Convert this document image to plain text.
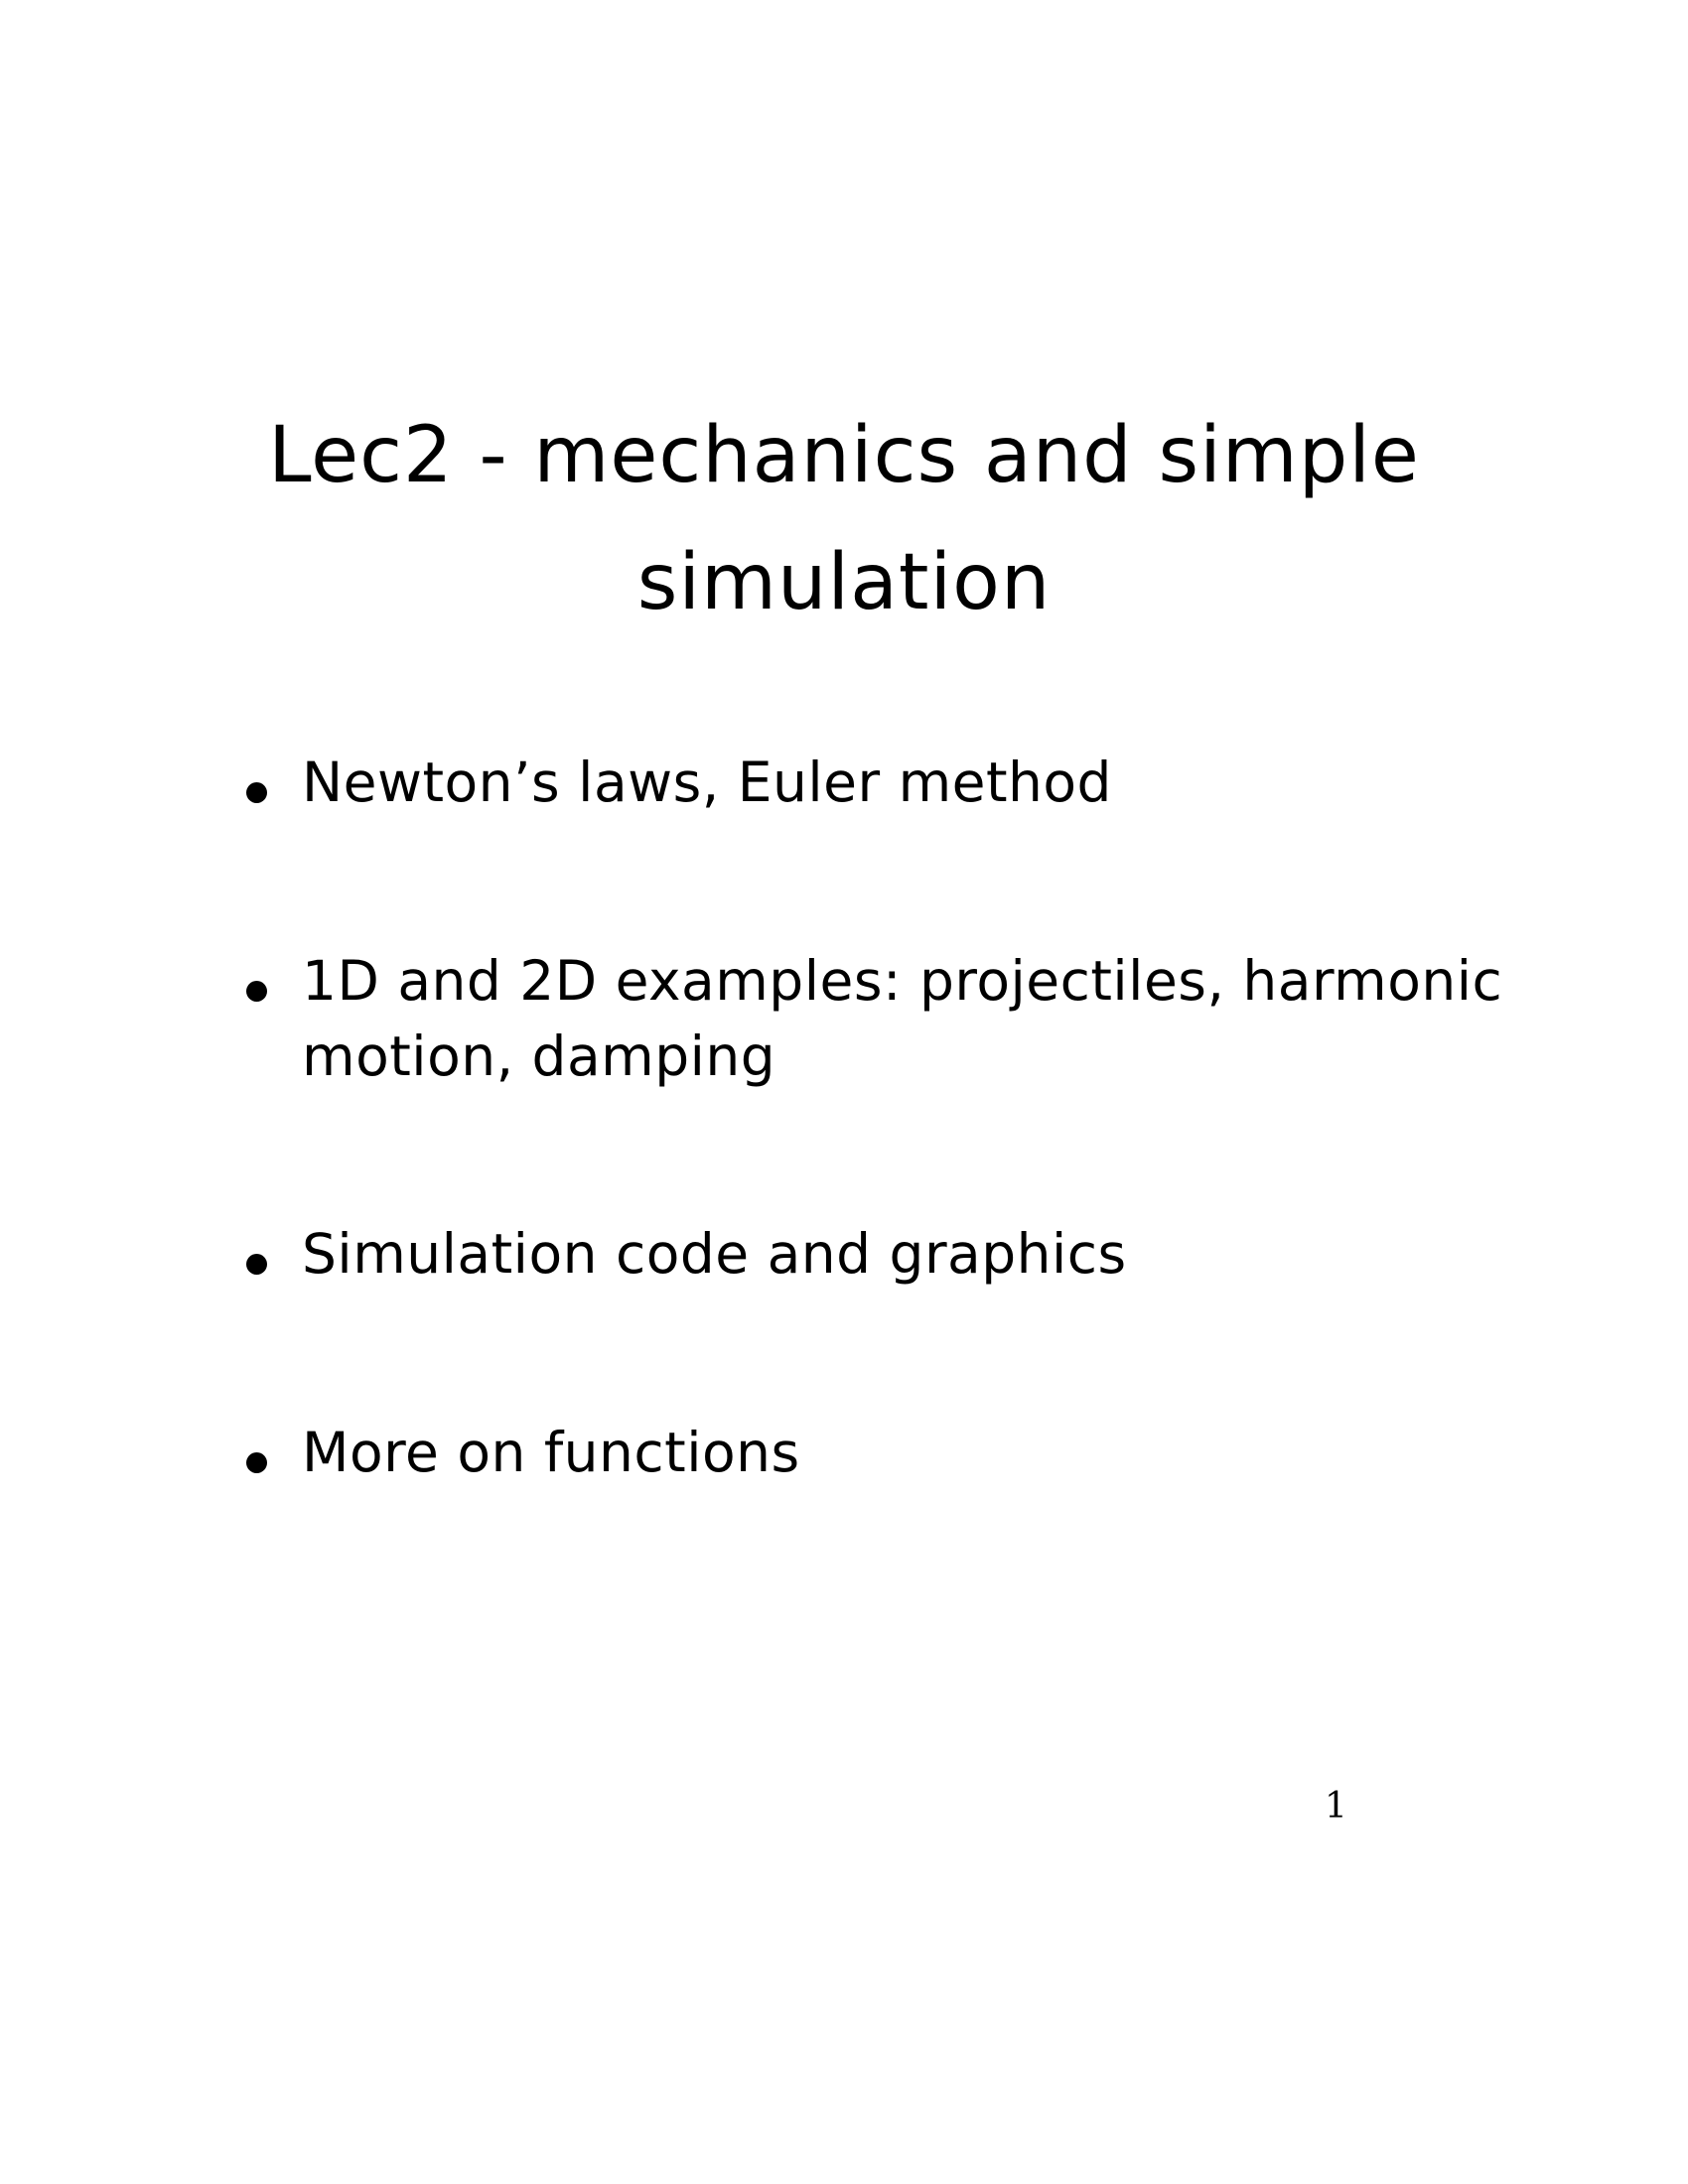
Lec2 - mechanics and simple
simulation
Newton’s laws, Euler method
1D and 2D examples: projectiles, harmonic
motion, damping
Simulation code and graphics
More on functions
1
